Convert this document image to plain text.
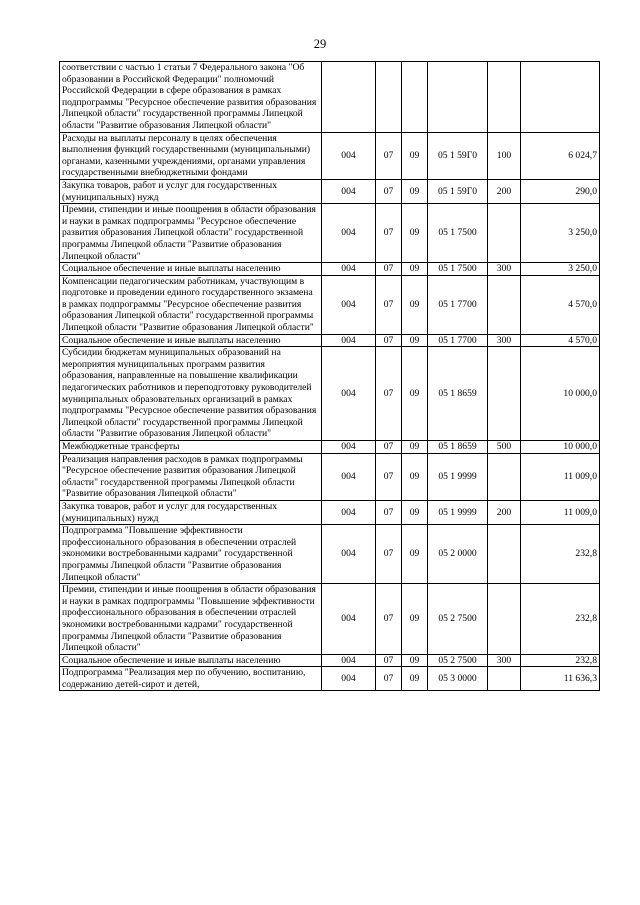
29
соответствии с частью 1 статьи 7 Федерального закона "Об образовании в Российской Федерации" полномочий Российской Федерации в сфере образования в рамках подпрограммы "Ресурсное обеспечение развития образования Липецкой области" государственной программы Липецкой области "Развитие образования Липецкой области"						
Расходы на выплаты персоналу в целях обеспечения выполнения функций государственными (муниципальными) органами, казенными учреждениями, органами управления государственными внебюджетными фондами	004	07	09	05 1 59Г0	100	6 024,7
Закупка товаров, работ и услуг для государственных (муниципальных) нужд	004	07	09	05 1 59Г0	200	290,0
Премии, стипендии и иные поощрения в области образования и науки в рамках подпрограммы "Ресурсное обеспечение развития образования Липецкой области" государственной программы Липецкой области "Развитие образования Липецкой области"	004	07	09	05 1 7500		3 250,0
Социальное обеспечение и иные выплаты населению	004	07	09	05 1 7500	300	3 250,0
Компенсации педагогическим работникам, участвующим в подготовке и проведении единого государственного экзамена в рамках подпрограммы "Ресурсное обеспечение развития образования Липецкой области" государственной программы Липецкой области "Развитие образования Липецкой области"	004	07	09	05 1 7700		4 570,0
Социальное обеспечение и иные выплаты населению	004	07	09	05 1 7700	300	4 570,0
Субсидии бюджетам муниципальных образований на мероприятия муниципальных программ развития образования, направленные на повышение квалификации педагогических работников и переподготовку руководителей муниципальных образовательных организаций в рамках подпрограммы "Ресурсное обеспечение развития образования Липецкой области" государственной программы Липецкой области "Развитие образования Липецкой области"	004	07	09	05 1 8659		10 000,0
Межбюджетные трансферты	004	07	09	05 1 8659	500	10 000,0
Реализация направления расходов в рамках подпрограммы "Ресурсное обеспечение развития образования Липецкой области" государственной программы Липецкой области "Развитие образования Липецкой области"	004	07	09	05 1 9999		11 009,0
Закупка товаров, работ и услуг для государственных (муниципальных) нужд	004	07	09	05 1 9999	200	11 009,0
Подпрограмма "Повышение эффективности профессионального образования в обеспечении отраслей экономики востребованными кадрами" государственной программы Липецкой области "Развитие образования Липецкой области"	004	07	09	05 2 0000		232,8
Премии, стипендии и иные поощрения в области образования и науки в рамках подпрограммы "Повышение эффективности профессионального образования в обеспечении отраслей экономики востребованными кадрами" государственной программы Липецкой области "Развитие образования Липецкой области"	004	07	09	05 2 7500		232,8
Социальное обеспечение и иные выплаты населению	004	07	09	05 2 7500	300	232,8
Подпрограмма "Реализация мер по обучению, воспитанию, содержанию детей-сирот и детей,	004	07	09	05 3 0000		11 636,3
